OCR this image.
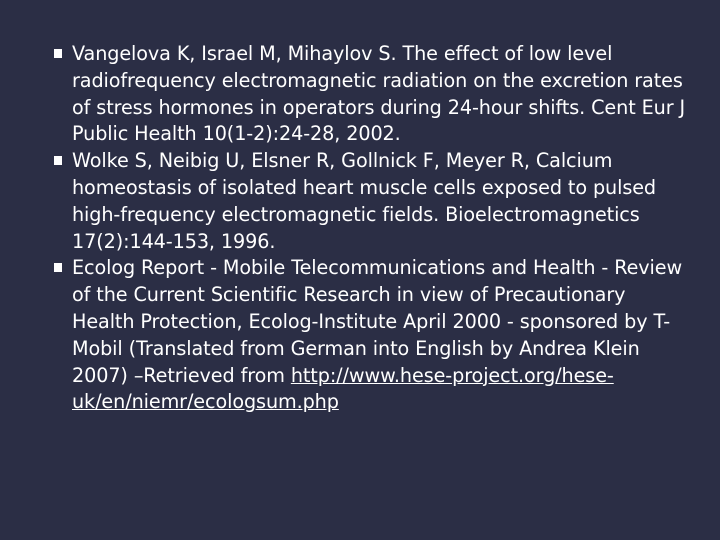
Vangelova K, Israel M, Mihaylov S. The effect of low level radiofrequency electromagnetic radiation on the excretion rates of stress hormones in operators during 24-hour shifts. Cent Eur J Public Health 10(1-2):24-28, 2002.
Wolke S, Neibig U, Elsner R, Gollnick F, Meyer R, Calcium homeostasis of isolated heart muscle cells exposed to pulsed high-frequency electromagnetic fields. Bioelectromagnetics 17(2):144-153, 1996.
Ecolog Report - Mobile Telecommunications and Health - Review of the Current Scientific Research in view of Precautionary Health Protection, Ecolog-Institute April 2000 - sponsored by T-Mobil (Translated from German into English by Andrea Klein 2007) –Retrieved from http://www.hese-project.org/hese-uk/en/niemr/ecologsum.php
